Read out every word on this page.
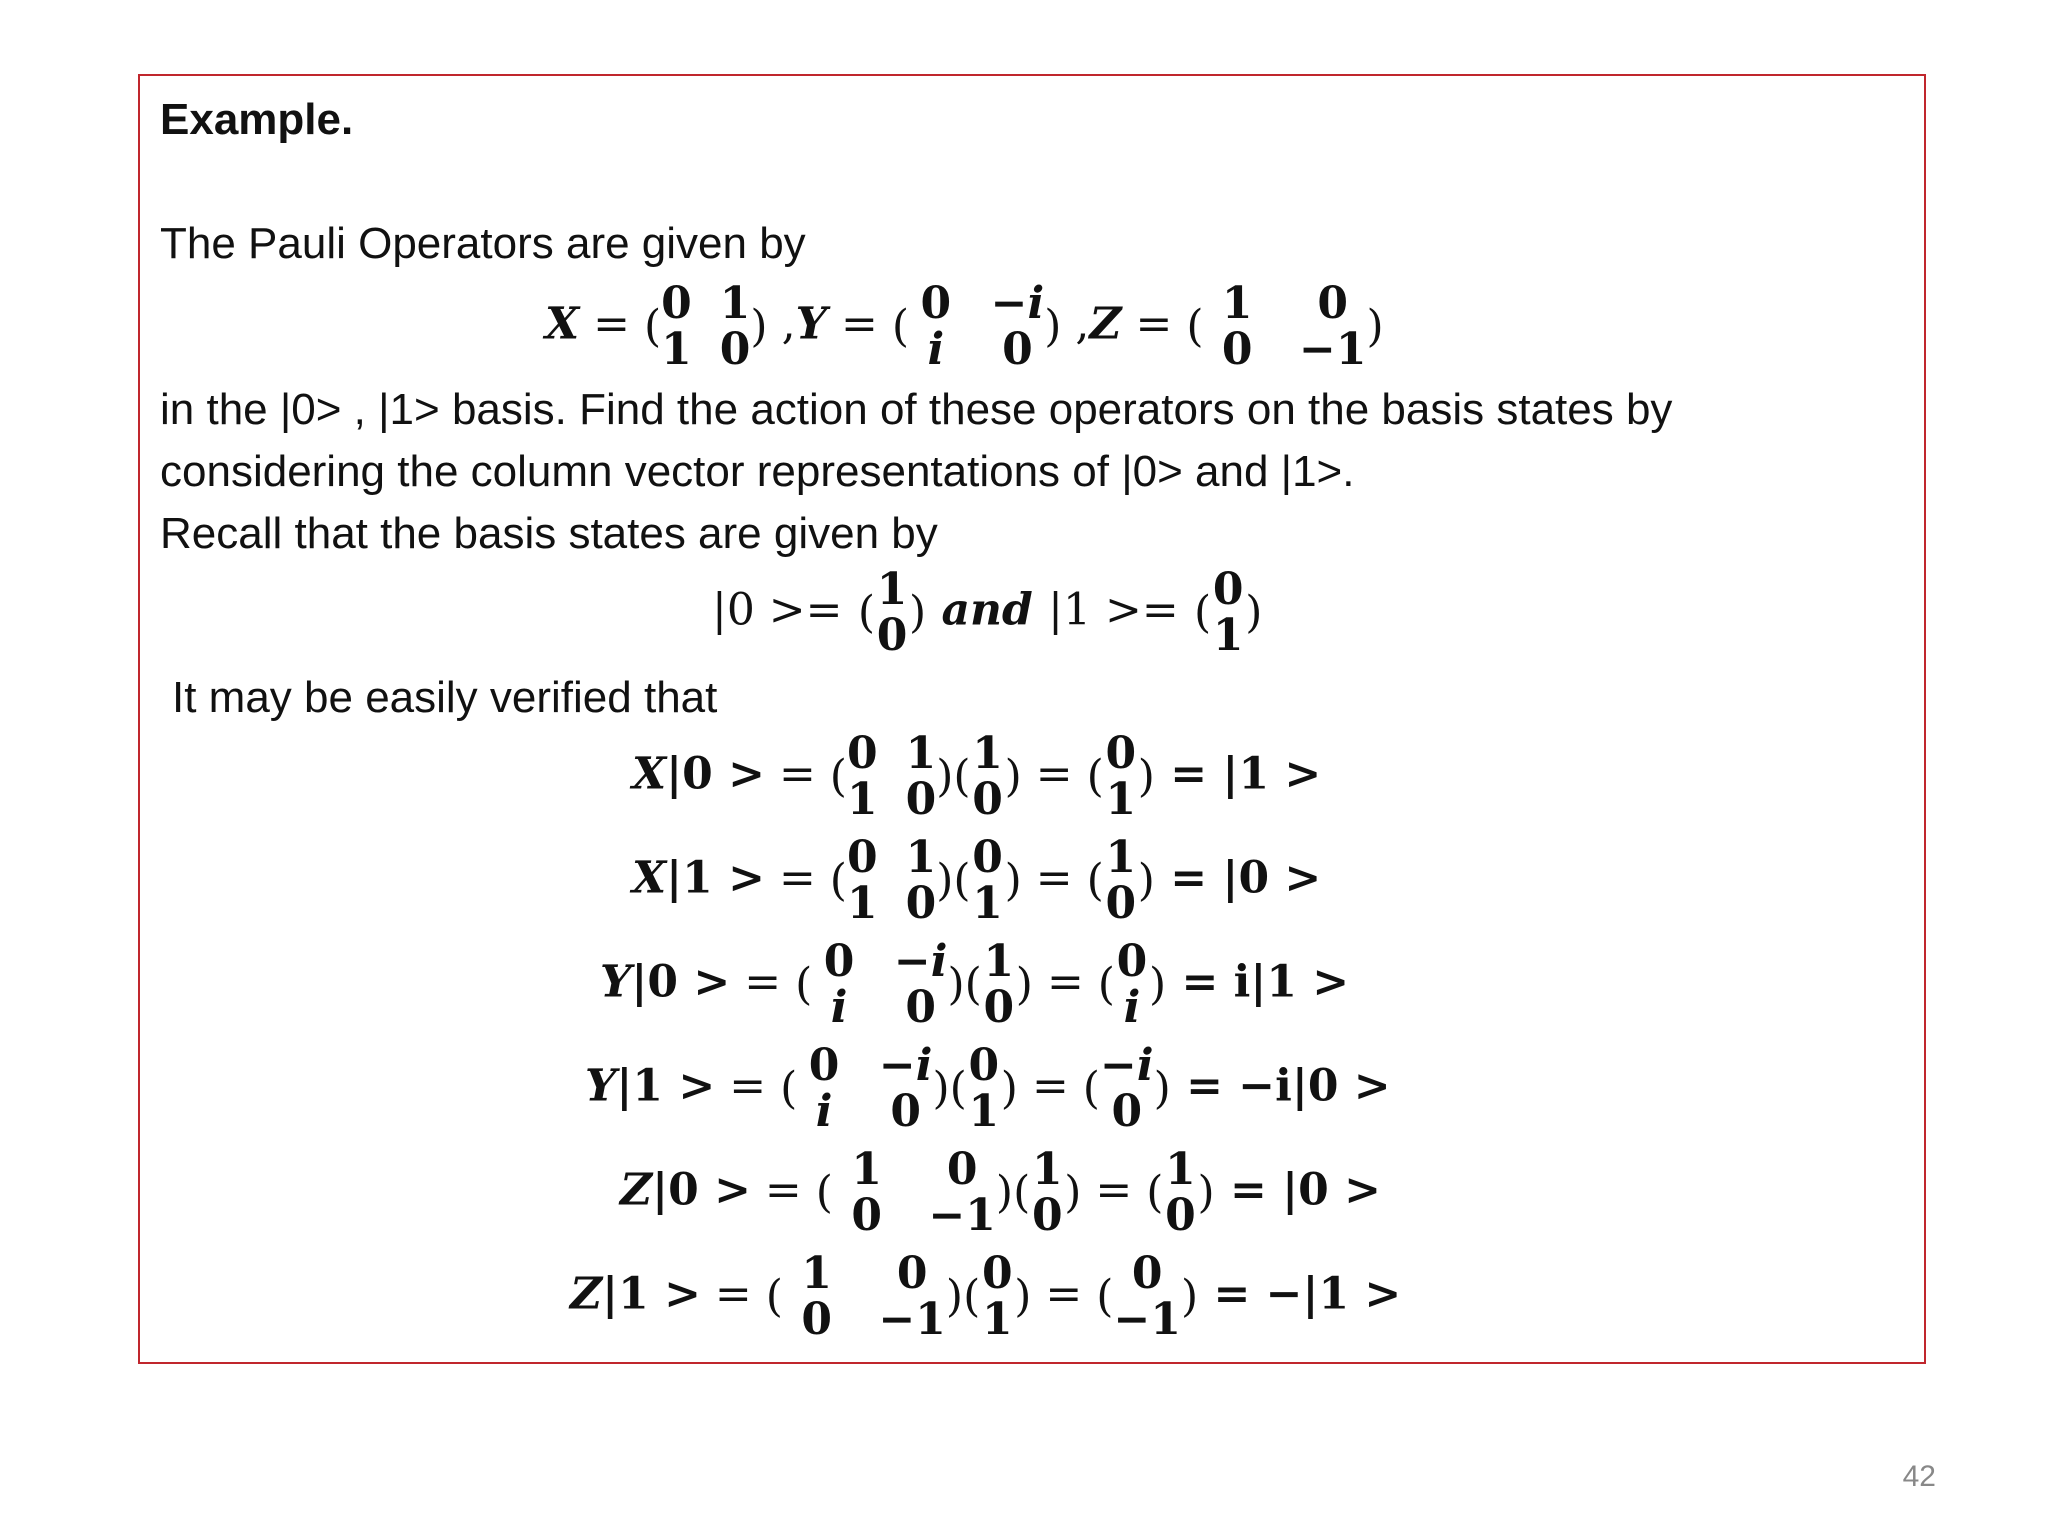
Example.
The Pauli Operators are given by
X = ( 0 1
1 0 ) ,Y = ( 0 −i
i	0 ) ,Z = ( 1	0
0	−1 )
in the |0> , |1> basis. Find the action of these operators on the basis states by
considering the column vector representations of |0> and |1>.
Recall that the basis states are given by
|0 >= ( 1
0 ) and |1 >= ( 0
1 )
It may be easily verified that
X|0 > = ( 0 1
1 0 ) ( 1
0 ) = ( 0
1 ) = |1 >
X|1 > = ( 0 1
1 0 ) ( 0
1 ) = ( 1
0 ) = |0 >
Y|0 > = ( 0 −i
i	0 ) ( 1
0 ) = ( 0
i ) = i|1 >
Y|1 > = ( 0 −i
i	0 ) ( 0
1 ) = ( −i
0 ) = −i|0 >
Z|0 > = ( 1	0
0	−1 ) ( 1
0 ) = ( 1
0 ) = |0 >
Z|1 > = ( 1	0
0	−1 ) ( 0
1 ) = ( 0
−1 ) = −|1 >
42
